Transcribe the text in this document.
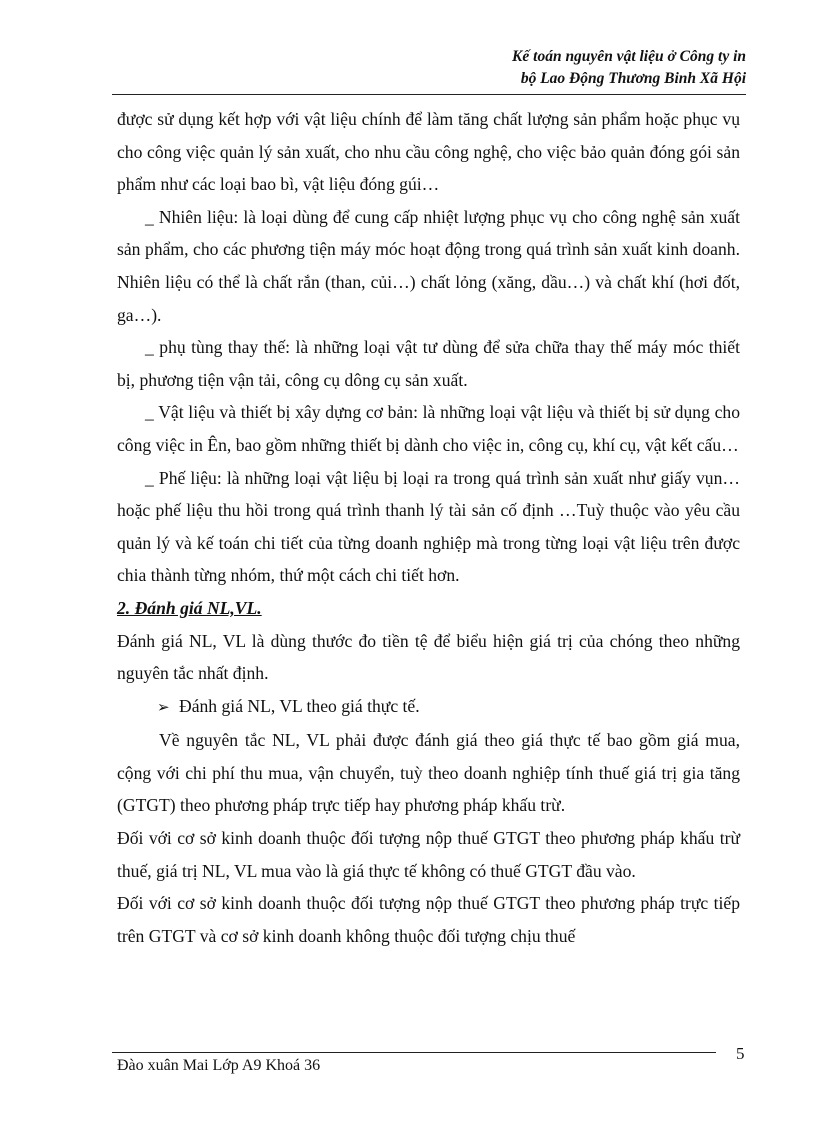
Kế toán nguyên vật liệu ở Công ty in
bộ Lao Động Thương Binh Xã Hội

được sử dụng kết hợp với vật liệu chính để làm tăng chất lượng sản phẩm hoặc phục vụ cho công việc quản lý sản xuất, cho nhu cầu công nghệ, cho việc bảo quản đóng gói sản phẩm như các loại bao bì, vật liệu đóng gúi…

_ Nhiên liệu: là loại dùng để cung cấp nhiệt lượng phục vụ cho công nghệ sản xuất sản phẩm, cho các phương tiện máy móc hoạt động trong quá trình sản xuất kinh doanh. Nhiên liệu có thể là chất rắn (than, củi…) chất lỏng (xăng, dầu…) và chất khí (hơi đốt, ga…).

_ phụ tùng thay thế: là những loại vật tư dùng để sửa chữa thay thế máy móc thiết bị, phương tiện vận tải, công cụ dông cụ sản xuất.

_ Vật liệu và thiết bị xây dựng cơ bản: là những loại vật liệu và thiết bị sử dụng cho công việc in Ên, bao gồm những thiết bị dành cho việc in, công cụ, khí cụ, vật kết cấu…

_ Phế liệu: là những loại vật liệu bị loại ra trong quá trình sản xuất như giấy vụn… hoặc phế liệu thu hồi trong quá trình thanh lý tài sản cố định …Tuỳ thuộc vào yêu cầu quản lý và kế toán chi tiết của từng doanh nghiệp mà trong từng loại vật liệu trên được chia thành từng nhóm, thứ một cách chi tiết hơn.

2. Đánh giá NL,VL.

Đánh giá NL, VL là dùng thước đo tiền tệ để biểu hiện giá trị của chóng theo những nguyên tắc nhất định.

➢ Đánh giá NL, VL theo giá thực tế.

Về nguyên tắc NL, VL phải được đánh giá theo giá thực tế bao gồm giá mua, cộng với chi phí thu mua, vận chuyển, tuỳ theo doanh nghiệp tính thuế giá trị gia tăng (GTGT) theo phương pháp trực tiếp hay phương pháp khấu trừ.

Đối với cơ sở kinh doanh thuộc đối tượng nộp thuế GTGT theo phương pháp khấu trừ thuế, giá trị NL, VL mua vào là giá thực tế không có thuế GTGT đầu vào.

Đối với cơ sở kinh doanh thuộc đối tượng nộp thuế GTGT theo phương pháp trực tiếp trên GTGT và cơ sở kinh doanh không thuộc đối tượng chịu thuế

Đào xuân Mai Lớp A9 Khoá 36
5
